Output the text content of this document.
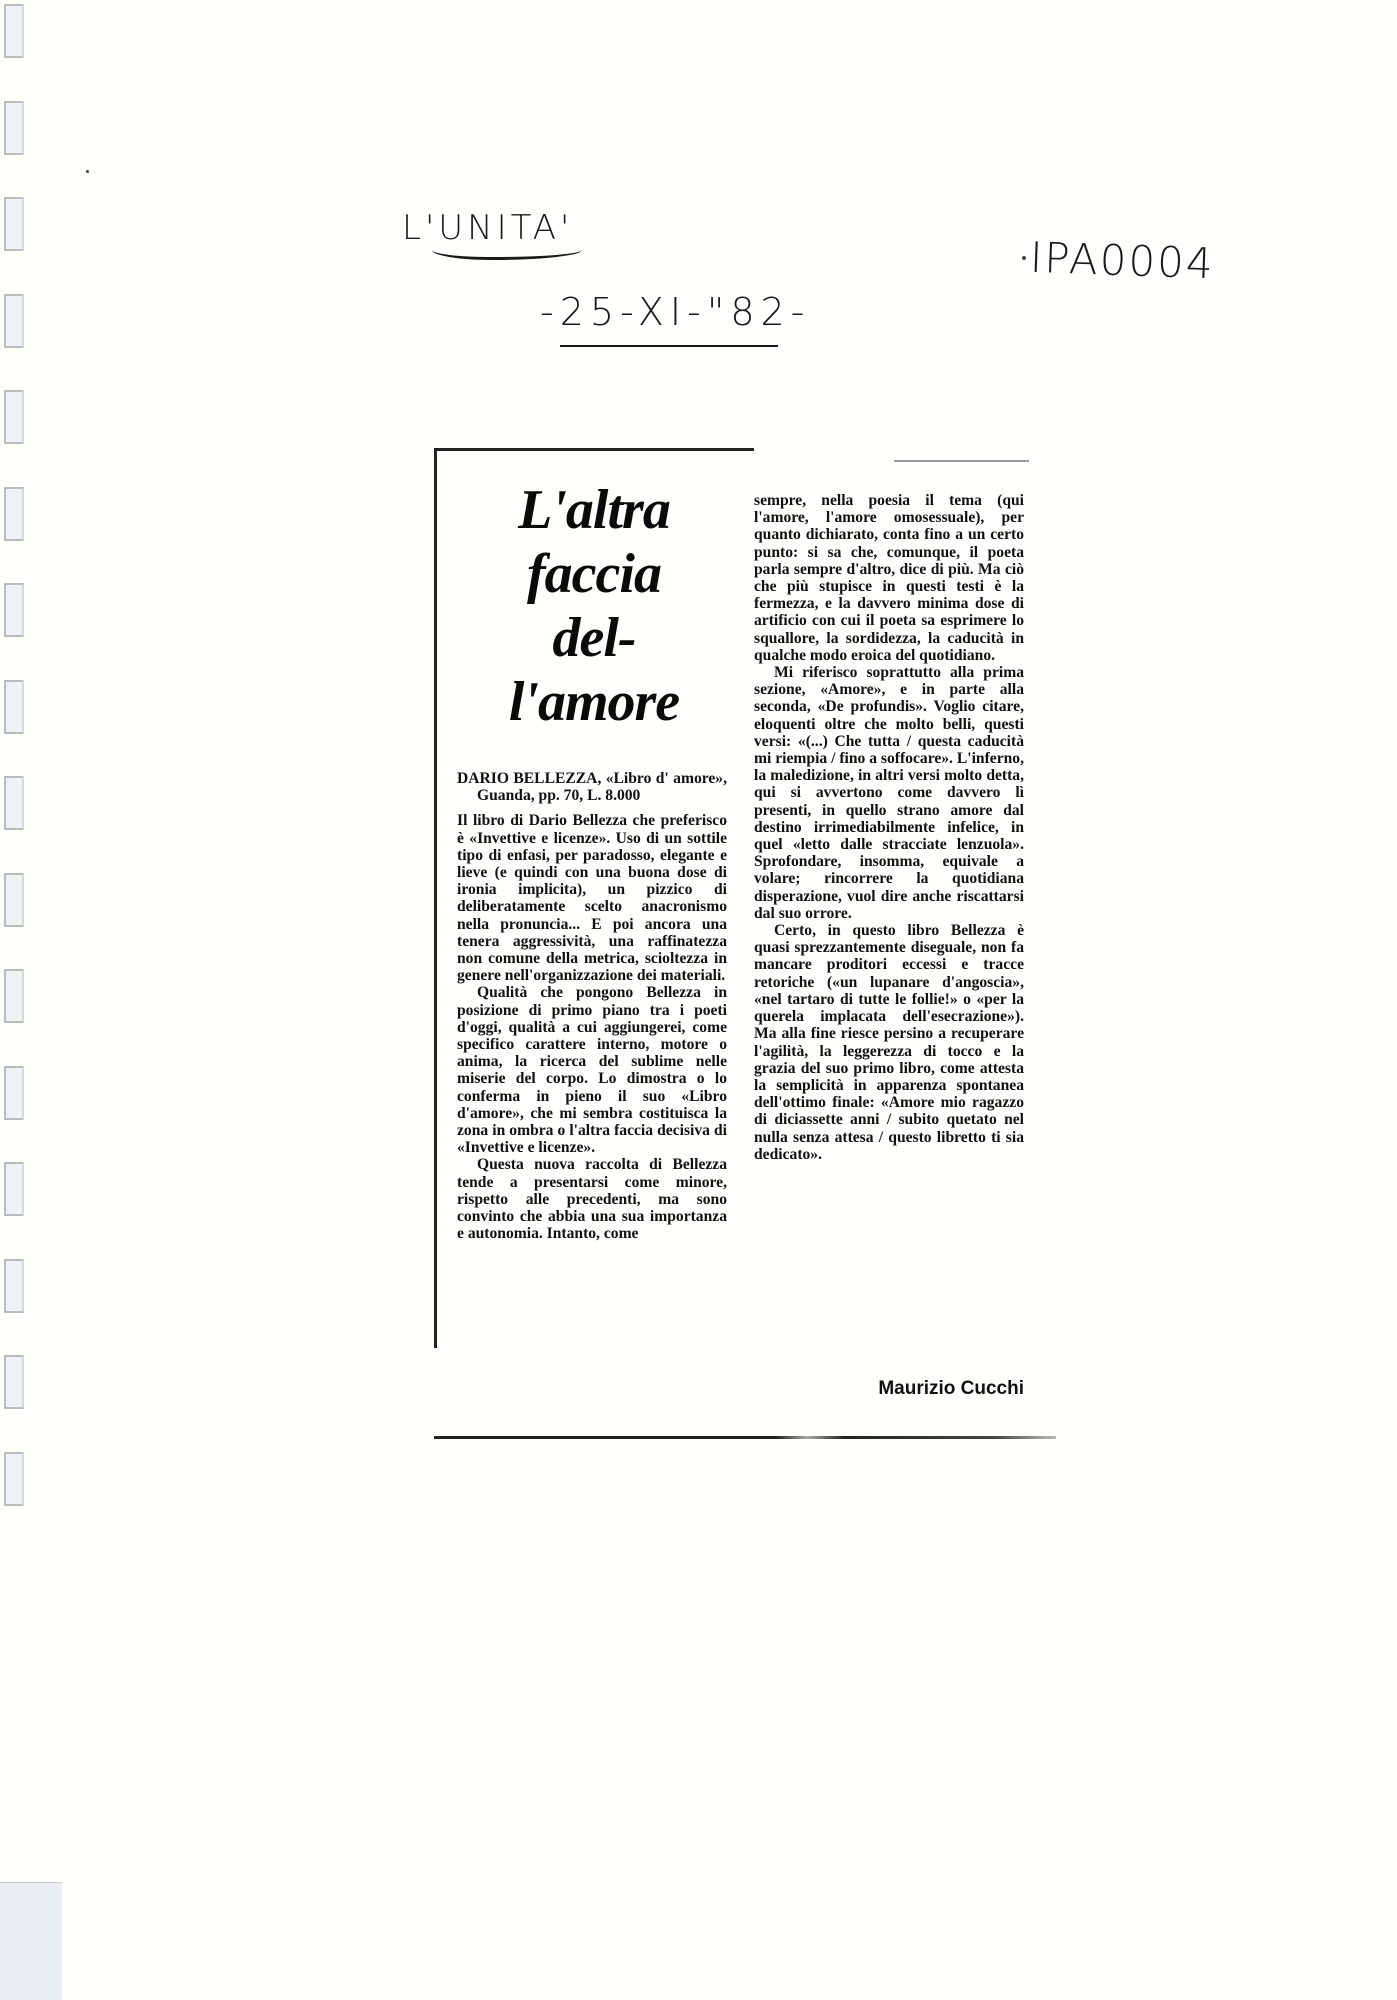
L'UNITA'
-25-XI-"82-
IPA0004
L'altra
faccia
del-
l'amore
DARIO BELLEZZA, «Libro d' amore», Guanda, pp. 70, L. 8.000
Il libro di Dario Bellezza che preferisco è «Invettive e licenze». Uso di un sottile tipo di enfasi, per paradosso, elegante e lieve (e quindi con una buona dose di ironia implicita), un pizzico di deliberatamente scelto anacronismo nella pronuncia... E poi ancora una tenera aggressività, una raffinatezza non comune della metrica, scioltezza in genere nell'organizzazione dei materiali.
Qualità che pongono Bellezza in posizione di primo piano tra i poeti d'oggi, qualità a cui aggiungerei, come specifico carattere interno, motore o anima, la ricerca del sublime nelle miserie del corpo. Lo dimostra o lo conferma in pieno il suo «Libro d'amore», che mi sembra costituisca la zona in ombra o l'altra faccia decisiva di «Invettive e licenze».
Questa nuova raccolta di Bellezza tende a presentarsi come minore, rispetto alle precedenti, ma sono convinto che abbia una sua importanza e autonomia. Intanto, come
sempre, nella poesia il tema (qui l'amore, l'amore omosessuale), per quanto dichiarato, conta fino a un certo punto: si sa che, comunque, il poeta parla sempre d'altro, dice di più. Ma ciò che più stupisce in questi testi è la fermezza, e la davvero minima dose di artificio con cui il poeta sa esprimere lo squallore, la sordidezza, la caducità in qualche modo eroica del quotidiano.
Mi riferisco soprattutto alla prima sezione, «Amore», e in parte alla seconda, «De profundis». Voglio citare, eloquenti oltre che molto belli, questi versi: «(...) Che tutta / questa caducità mi riempia / fino a soffocare». L'inferno, la maledizione, in altri versi molto detta, qui si avvertono come davvero lì presenti, in quello strano amore dal destino irrimediabilmente infelice, in quel «letto dalle stracciate lenzuola». Sprofondare, insomma, equivale a volare; rincorrere la quotidiana disperazione, vuol dire anche riscattarsi dal suo orrore.
Certo, in questo libro Bellezza è quasi sprezzantemente diseguale, non fa mancare proditori eccessi e tracce retoriche («un lupanare d'angoscia», «nel tartaro di tutte le follie!» o «per la querela implacata dell'esecrazione»). Ma alla fine riesce persino a recuperare l'agilità, la leggerezza di tocco e la grazia del suo primo libro, come attesta la semplicità in apparenza spontanea dell'ottimo finale: «Amore mio ragazzo di diciassette anni / subito quetato nel nulla senza attesa / questo libretto ti sia dedicato».
Maurizio Cucchi
